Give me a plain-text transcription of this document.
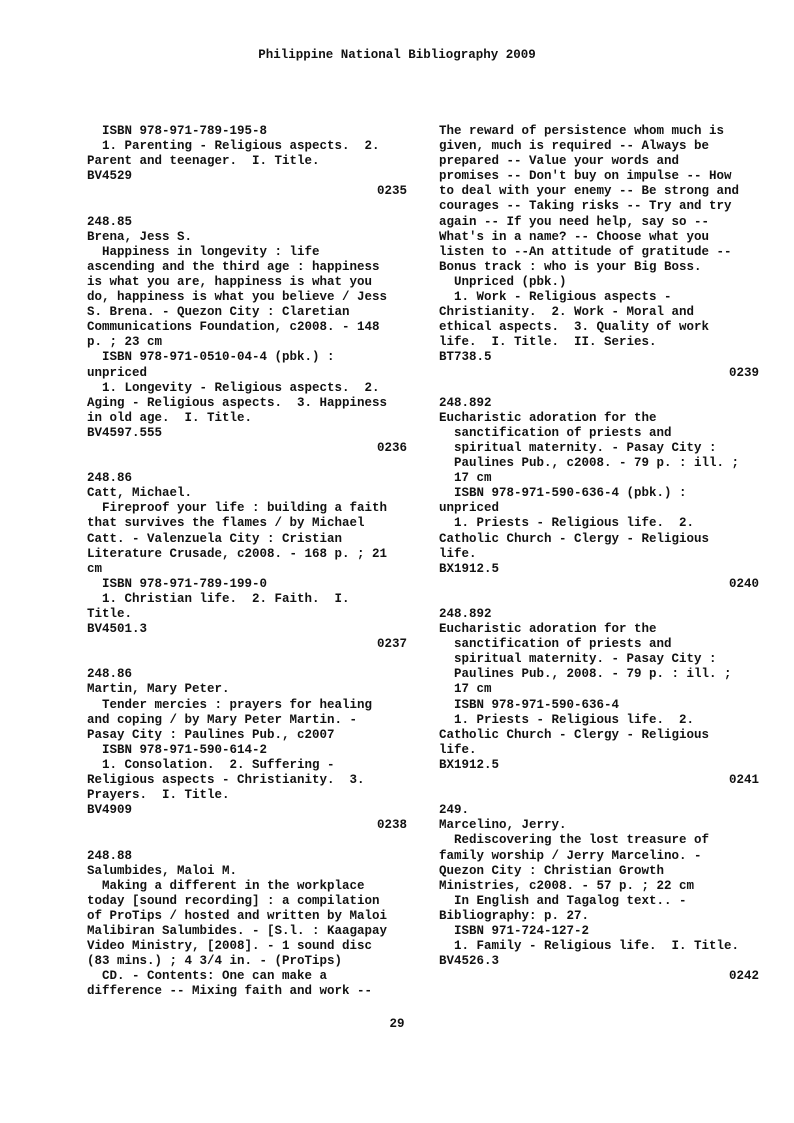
Philippine National Bibliography 2009
ISBN 978-971-789-195-8
1. Parenting - Religious aspects.  2.
Parent and teenager.  I. Title.
BV4529
0235
248.85
Brena, Jess S.
Happiness in longevity : life
ascending and the third age : happiness
is what you are, happiness is what you
do, happiness is what you believe / Jess
S. Brena. - Quezon City : Claretian
Communications Foundation, c2008. - 148
p. ; 23 cm
ISBN 978-971-0510-04-4 (pbk.) :
unpriced
1. Longevity - Religious aspects.  2.
Aging - Religious aspects.  3. Happiness
in old age.  I. Title.
BV4597.555
0236
248.86
Catt, Michael.
Fireproof your life : building a faith
that survives the flames / by Michael
Catt. - Valenzuela City : Cristian
Literature Crusade, c2008. - 168 p. ; 21
cm
ISBN 978-971-789-199-0
1. Christian life.  2. Faith.  I.
Title.
BV4501.3
0237
248.86
Martin, Mary Peter.
Tender mercies : prayers for healing
and coping / by Mary Peter Martin. -
Pasay City : Paulines Pub., c2007
ISBN 978-971-590-614-2
1. Consolation.  2. Suffering -
Religious aspects - Christianity.  3.
Prayers.  I. Title.
BV4909
0238
248.88
Salumbides, Maloi M.
Making a different in the workplace
today [sound recording] : a compilation
of ProTips / hosted and written by Maloi
Malibiran Salumbides. - [S.l. : Kaagapay
Video Ministry, [2008]. - 1 sound disc
(83 mins.) ; 4 3/4 in. - (ProTips)
CD. - Contents: One can make a
difference -- Mixing faith and work --
The reward of persistence whom much is
given, much is required -- Always be
prepared -- Value your words and
promises -- Don't buy on impulse -- How
to deal with your enemy -- Be strong and
courages -- Taking risks -- Try and try
again -- If you need help, say so --
What's in a name? -- Choose what you
listen to --An attitude of gratitude --
Bonus track : who is your Big Boss.
Unpriced (pbk.)
1. Work - Religious aspects -
Christianity.  2. Work - Moral and
ethical aspects.  3. Quality of work
life.  I. Title.  II. Series.
BT738.5
0239
248.892
Eucharistic adoration for the
sanctification of priests and
spiritual maternity. - Pasay City :
Paulines Pub., c2008. - 79 p. : ill. ;
17 cm
ISBN 978-971-590-636-4 (pbk.) :
unpriced
1. Priests - Religious life.  2.
Catholic Church - Clergy - Religious
life.
BX1912.5
0240
248.892
Eucharistic adoration for the
sanctification of priests and
spiritual maternity. - Pasay City :
Paulines Pub., 2008. - 79 p. : ill. ;
17 cm
ISBN 978-971-590-636-4
1. Priests - Religious life.  2.
Catholic Church - Clergy - Religious
life.
BX1912.5
0241
249.
Marcelino, Jerry.
Rediscovering the lost treasure of
family worship / Jerry Marcelino. -
Quezon City : Christian Growth
Ministries, c2008. - 57 p. ; 22 cm
In English and Tagalog text.. -
Bibliography: p. 27.
ISBN 971-724-127-2
1. Family - Religious life.  I. Title.
BV4526.3
0242
29
